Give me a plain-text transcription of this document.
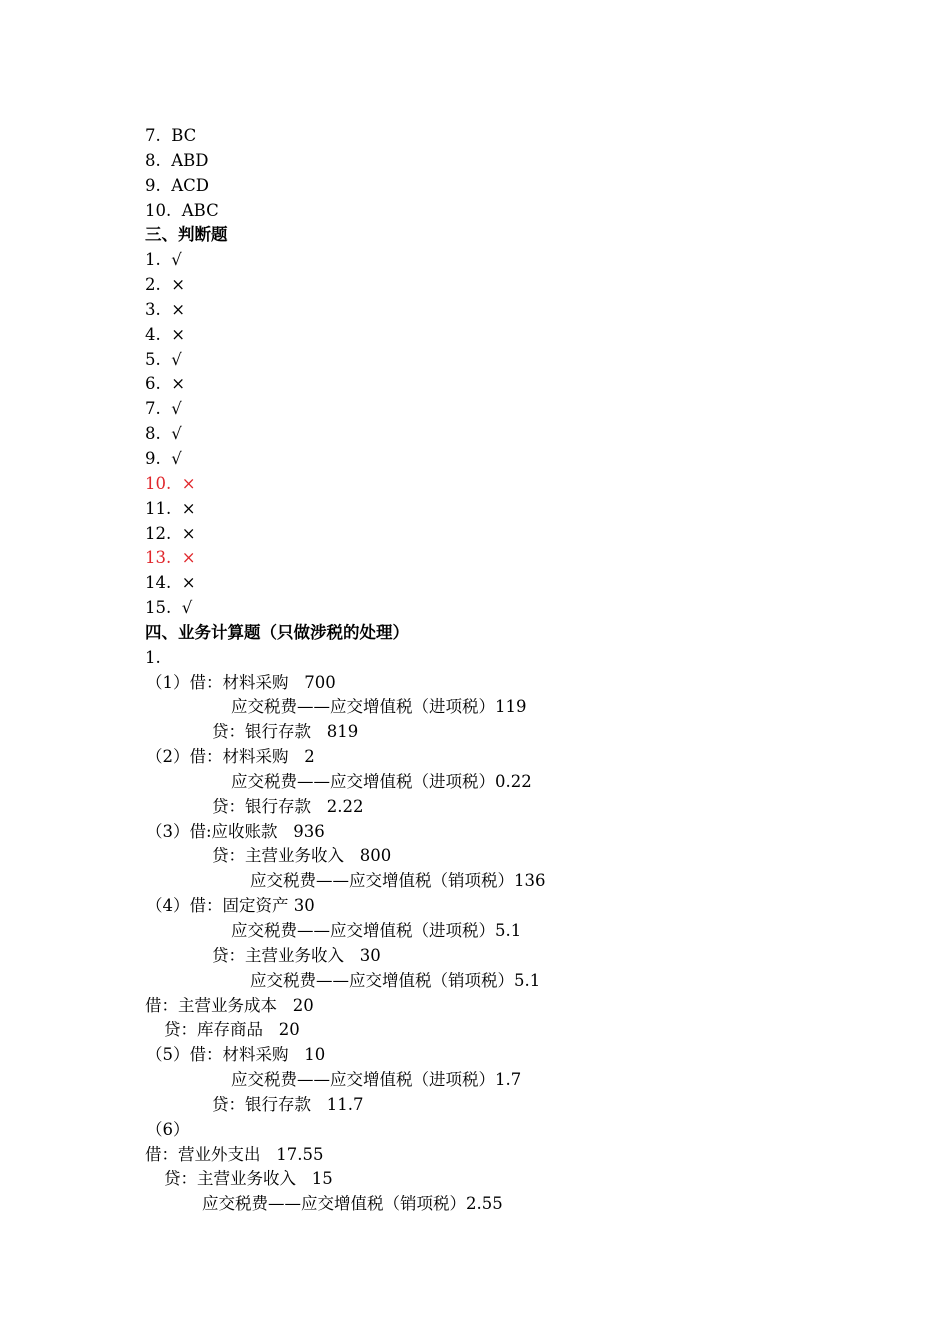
7.  BC
8.  ABD
9.  ACD
10.  ABC
三、判断题
1.  √
2.  ×
3.  ×
4.  ×
5.  √
6.  ×
7.  √
8.  √
9.  √
10.  ×
11.  ×
12.  ×
13.  ×
14.  ×
15.  √
四、业务计算题（只做涉税的处理）
1.
（1）借：材料采购   700
应交税费——应交增值税（进项税）119
贷：银行存款   819
（2）借：材料采购   2
应交税费——应交增值税（进项税）0.22
贷：银行存款   2.22
（3）借:应收账款   936
贷：主营业务收入   800
应交税费——应交增值税（销项税）136
（4）借：固定资产 30
应交税费——应交增值税（进项税）5.1
贷：主营业务收入   30
应交税费——应交增值税（销项税）5.1
借：主营业务成本   20
贷：库存商品   20
（5）借：材料采购   10
应交税费——应交增值税（进项税）1.7
贷：银行存款   11.7
（6）
借：营业外支出   17.55
贷：主营业务收入   15
应交税费——应交增值税（销项税）2.55
